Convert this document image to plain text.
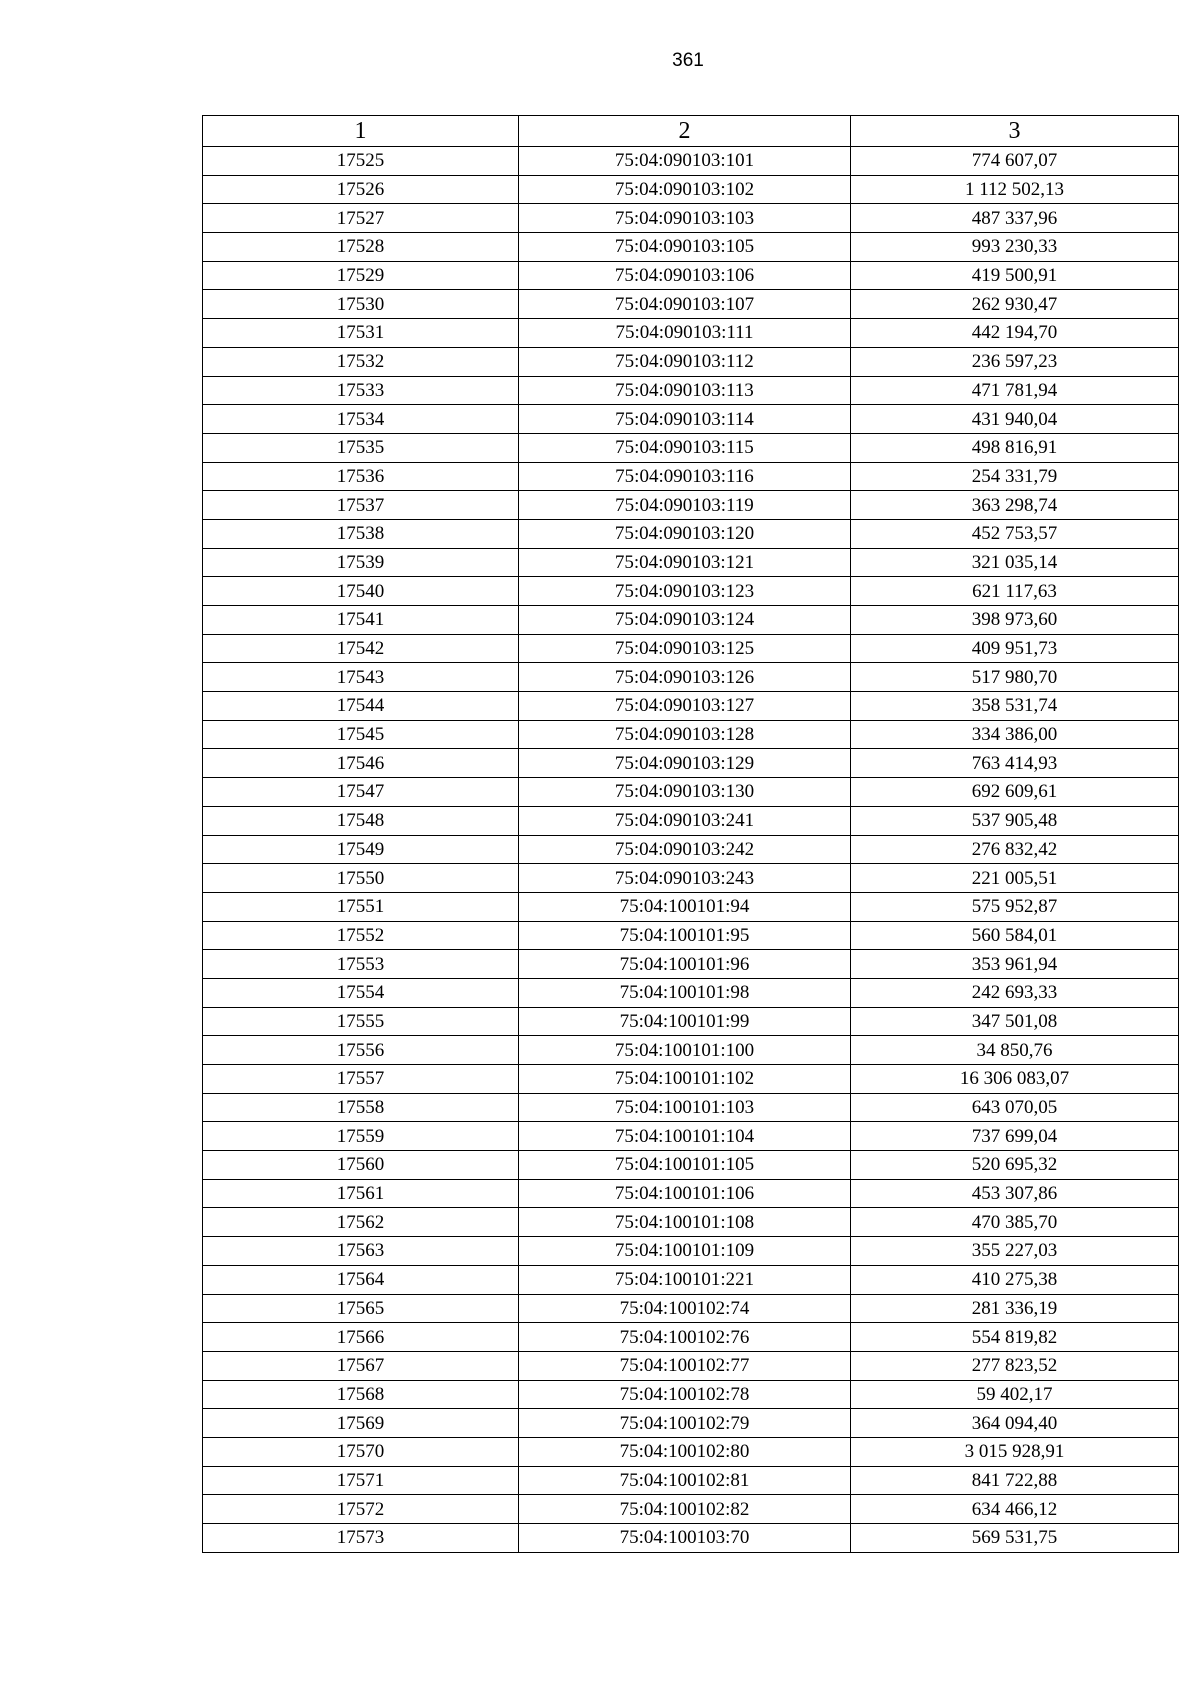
361
1	2	3
17525	75:04:090103:101	774 607,07
17526	75:04:090103:102	1 112 502,13
17527	75:04:090103:103	487 337,96
17528	75:04:090103:105	993 230,33
17529	75:04:090103:106	419 500,91
17530	75:04:090103:107	262 930,47
17531	75:04:090103:111	442 194,70
17532	75:04:090103:112	236 597,23
17533	75:04:090103:113	471 781,94
17534	75:04:090103:114	431 940,04
17535	75:04:090103:115	498 816,91
17536	75:04:090103:116	254 331,79
17537	75:04:090103:119	363 298,74
17538	75:04:090103:120	452 753,57
17539	75:04:090103:121	321 035,14
17540	75:04:090103:123	621 117,63
17541	75:04:090103:124	398 973,60
17542	75:04:090103:125	409 951,73
17543	75:04:090103:126	517 980,70
17544	75:04:090103:127	358 531,74
17545	75:04:090103:128	334 386,00
17546	75:04:090103:129	763 414,93
17547	75:04:090103:130	692 609,61
17548	75:04:090103:241	537 905,48
17549	75:04:090103:242	276 832,42
17550	75:04:090103:243	221 005,51
17551	75:04:100101:94	575 952,87
17552	75:04:100101:95	560 584,01
17553	75:04:100101:96	353 961,94
17554	75:04:100101:98	242 693,33
17555	75:04:100101:99	347 501,08
17556	75:04:100101:100	34 850,76
17557	75:04:100101:102	16 306 083,07
17558	75:04:100101:103	643 070,05
17559	75:04:100101:104	737 699,04
17560	75:04:100101:105	520 695,32
17561	75:04:100101:106	453 307,86
17562	75:04:100101:108	470 385,70
17563	75:04:100101:109	355 227,03
17564	75:04:100101:221	410 275,38
17565	75:04:100102:74	281 336,19
17566	75:04:100102:76	554 819,82
17567	75:04:100102:77	277 823,52
17568	75:04:100102:78	59 402,17
17569	75:04:100102:79	364 094,40
17570	75:04:100102:80	3 015 928,91
17571	75:04:100102:81	841 722,88
17572	75:04:100102:82	634 466,12
17573	75:04:100103:70	569 531,75
